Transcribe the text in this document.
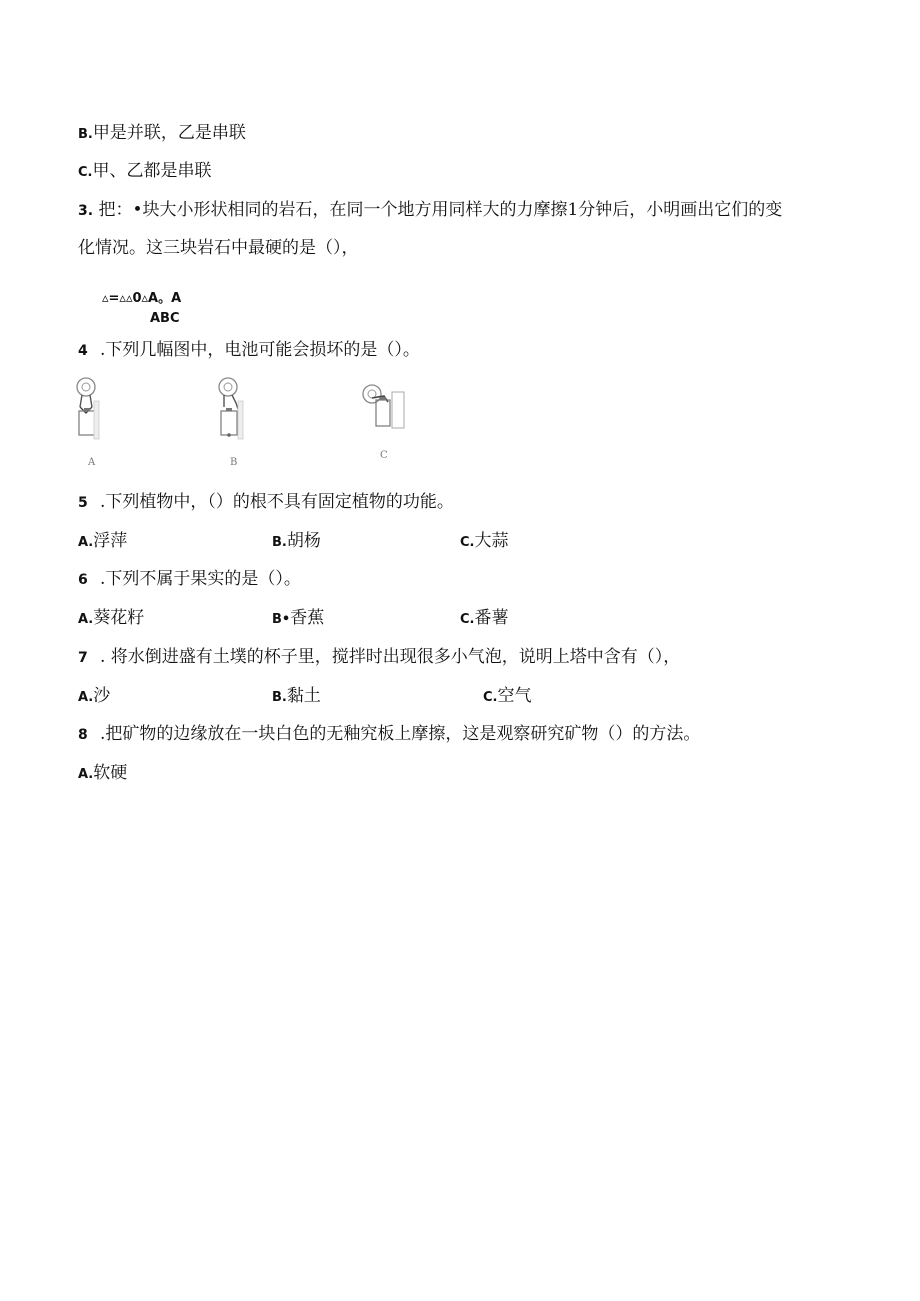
B.甲是并联，乙是串联
C.甲、乙都是串联
3. 把：•块大小形状相同的岩石，在同一个地方用同样大的力摩擦1分钟后，小明画出它们的变
化情况。这三块岩石中最硬的是（），
▵=▵▵0▵A。A
ABC
4 .下列几幅图中，电池可能会损坏的是（）。
A	B
C
5 .下列植物中，（）的根不具有固定植物的功能。
A.浮萍	B.胡杨	C.大蒜
6 .下列不属于果实的是（）。
A.葵花籽	B•香蕉	C.番薯
7 . 将水倒进盛有土墣的杯子里，搅拌时出现很多小气泡，说明上塔中含有（），
A.沙	B.黏土	C.空气
8 .把矿物的边缘放在一块白色的无釉究板上摩擦，这是观察研究矿物（）的方法。
A.软硬
